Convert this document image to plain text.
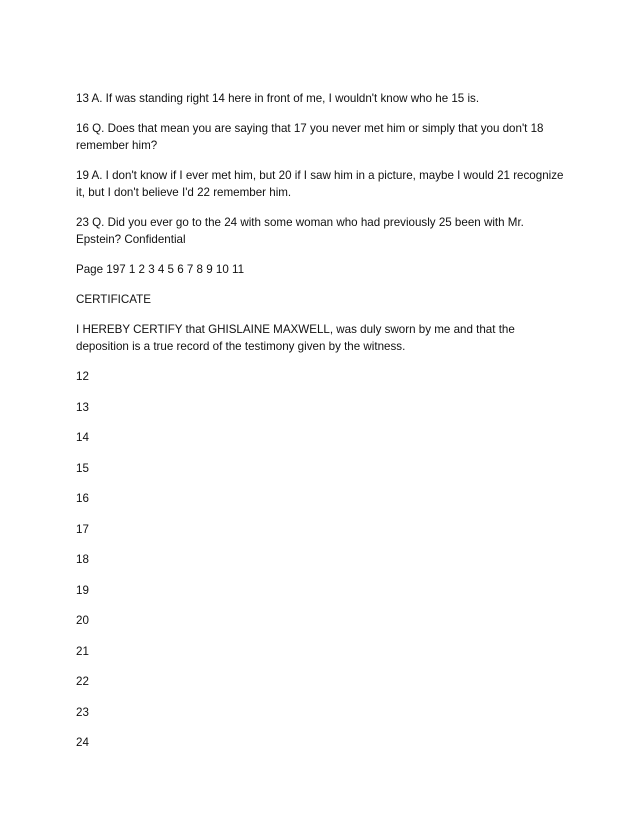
13 A. If was standing right 14 here in front of me, I wouldn't know who he 15 is.

16 Q. Does that mean you are saying that 17 you never met him or simply that you don't 18 remember him?

19 A. I don't know if I ever met him, but 20 if I saw him in a picture, maybe I would 21 recognize it, but I don't believe I'd 22 remember him.

23 Q. Did you ever go to the 24 with some woman who had previously 25 been with Mr. Epstein? Confidential

Page 197 1 2 3 4 5 6 7 8 9 10 11

CERTIFICATE

I HEREBY CERTIFY that GHISLAINE MAXWELL, was duly sworn by me and that the deposition is a true record of the testimony given by the witness.

12

13

14

15

16

17

18

19

20

21

22

23

24
